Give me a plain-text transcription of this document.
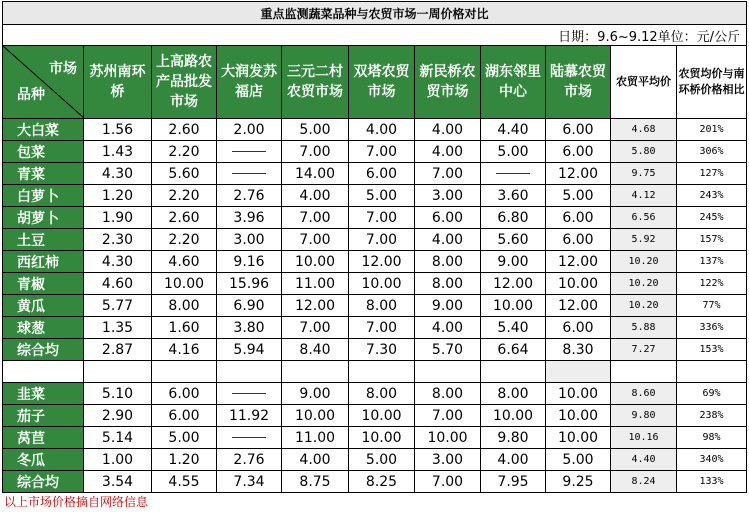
重点监测蔬菜品种与农贸市场一周价格对比										
日期：9.6~9.12单位：元/公斤										

市场
品种	苏州南环桥	上高路农产品批发市场	大润发苏福店	三元二村农贸市场	双塔农贸市场	新民桥农贸市场	湖东邻里中心	陆慕农贸市场	农贸平均价	农贸均价与南环桥价格相比
大白菜	1.56	2.60	2.00	5.00	4.00	4.00	4.40	6.00	4.68	201%
包菜	1.43	2.20		7.00	7.00	4.00	5.00	6.00	5.80	306%
青菜	4.30	5.60		14.00	6.00	7.00		12.00	9.75	127%
白萝卜	1.20	2.20	2.76	4.00	5.00	3.00	3.60	5.00	4.12	243%
胡萝卜	1.90	2.60	3.96	7.00	7.00	6.00	6.80	6.00	6.56	245%
土豆	2.30	2.20	3.00	7.00	7.00	4.00	5.60	6.00	5.92	157%
西红柿	4.30	4.60	9.16	10.00	12.00	8.00	9.00	12.00	10.20	137%
青椒	4.60	10.00	15.96	11.00	10.00	8.00	12.00	10.00	10.20	122%
黄瓜	5.77	8.00	6.90	12.00	8.00	9.00	10.00	12.00	10.20	77%
球葱	1.35	1.60	3.80	7.00	7.00	4.00	5.40	6.00	5.88	336%
综合均	2.87	4.16	5.94	8.40	7.30	5.70	6.64	8.30	7.27	153%

韭菜	5.10	6.00		9.00	8.00	8.00	8.00	10.00	8.60	69%
茄子	2.90	6.00	11.92	10.00	10.00	7.00	10.00	10.00	9.80	238%
莴苣	5.14	5.00		11.00	10.00	10.00	9.80	10.00	10.16	98%
冬瓜	1.00	1.20	2.76	4.00	5.00	3.00	4.00	5.00	4.40	340%
综合均	3.54	4.55	7.34	8.75	8.25	7.00	7.95	9.25	8.24	133%
以上市场价格摘自网络信息
